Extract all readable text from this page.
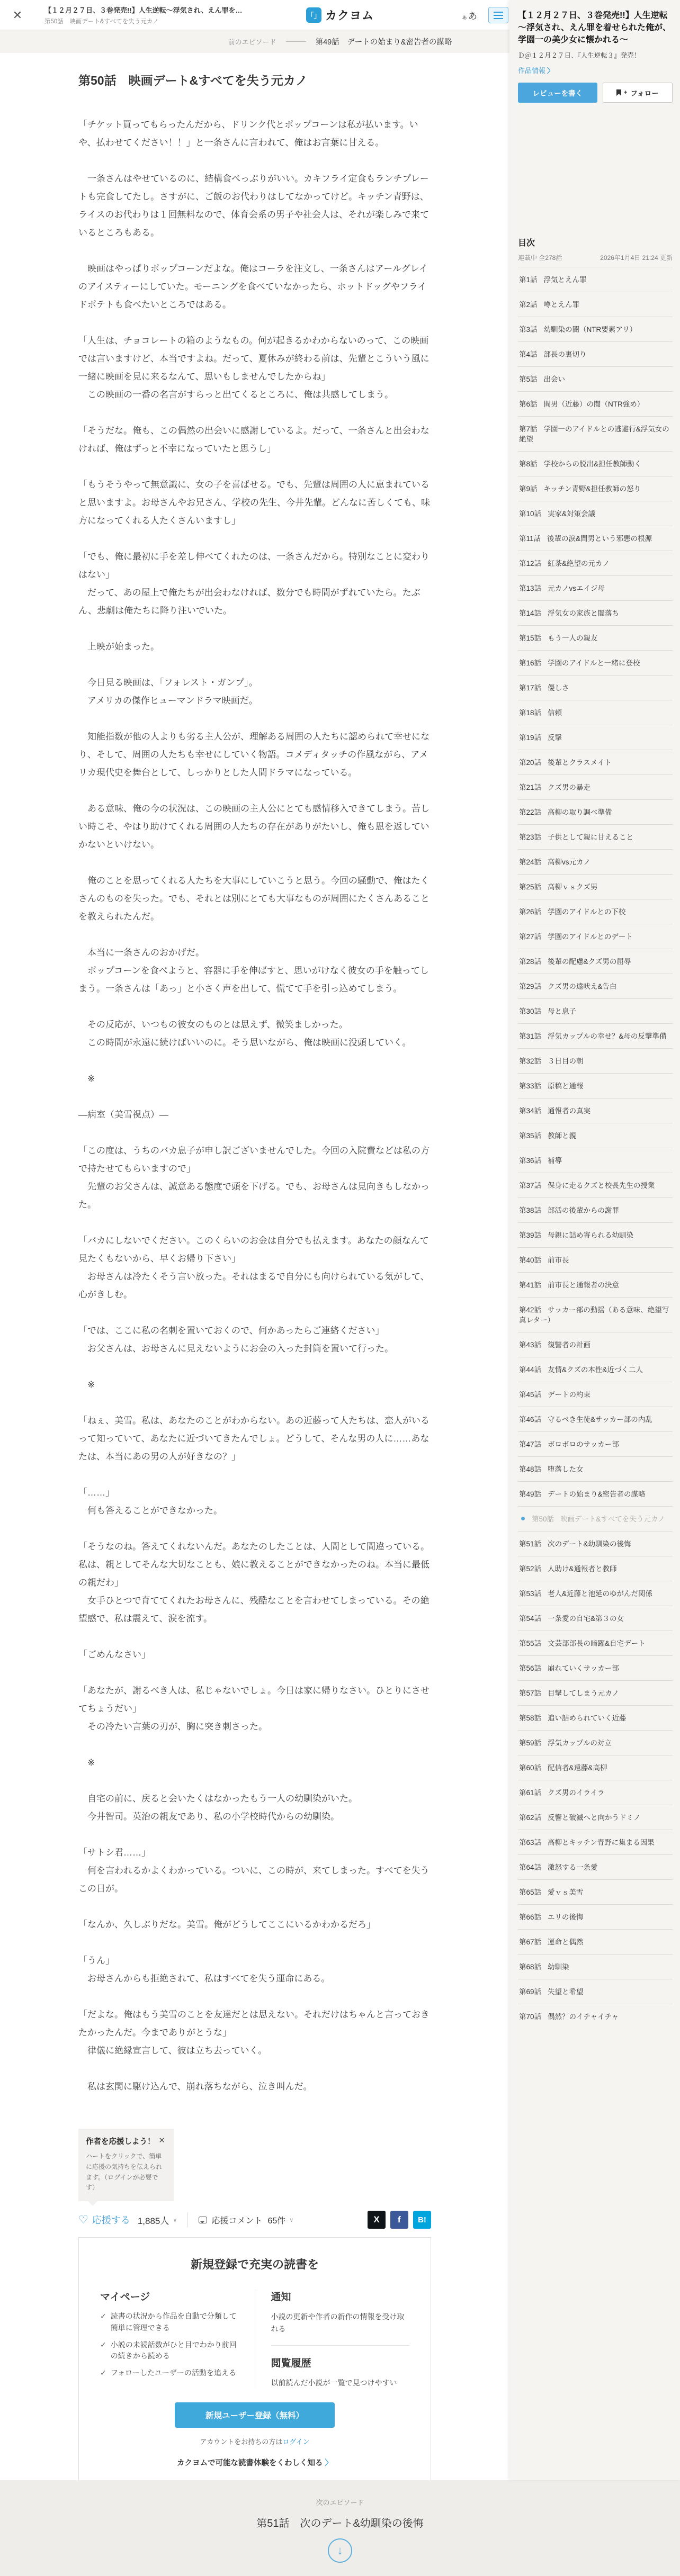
✕	【１２月２７日、３巻発売!!】人生逆転～浮気され、えん罪を…
第50話　映画デート&すべてを失う元カノ
「」 カクヨム	ぁあ
前のエピソード	第49話　デートの始まり&密告者の謀略
第50話　映画デート&すべてを失う元カノ

「チケット買ってもらったんだから、ドリンク代とポップコーンは私が払います。いや、払わせてください！！」と一条さんに言われて、俺はお言葉に甘える。

　一条さんはやせているのに、結構食べっぷりがいい。カキフライ定食もランチプレートも完食してたし。さすがに、ご飯のお代わりはしてなかってけど。キッチン青野は、ライスのお代わりは１回無料なので、体育会系の男子や社会人は、それが楽しみで来ているところもある。

　映画はやっぱりポップコーンだよな。俺はコーラを注文し、一条さんはアールグレイのアイスティーにしていた。モーニングを食べていなかったら、ホットドッグやフライドポテトも食べたいところではある。

「人生は、チョコレートの箱のようなもの。何が起きるかわからないのって、この映画では言いますけど、本当ですよね。だって、夏休みが終わる前は、先輩とこういう風に一緒に映画を見に来るなんて、思いもしませんでしたからね」

　この映画の一番の名言がすらっと出てくるところに、俺は共感してしまう。

「そうだな。俺も、この偶然の出会いに感謝しているよ。だって、一条さんと出会わなければ、俺はずっと不幸になっていたと思うし」

「もうそうやって無意識に、女の子を喜ばせる。でも、先輩は周囲の人に恵まれていると思いますよ。お母さんやお兄さん、学校の先生、今井先輩。どんなに苦しくても、味方になってくれる人たくさんいますし」

「でも、俺に最初に手を差し伸べてくれたのは、一条さんだから。特別なことに変わりはない」

　だって、あの屋上で俺たちが出会わなければ、数分でも時間がずれていたら。たぶん、悲劇は俺たちに降り注いでいた。

　上映が始まった。

　今日見る映画は、「フォレスト・ガンプ」。

　アメリカの傑作ヒューマンドラマ映画だ。

　知能指数が他の人よりも劣る主人公が、理解ある周囲の人たちに認められて幸せになり、そして、周囲の人たちも幸せにしていく物語。コメディタッチの作風ながら、アメリカ現代史を舞台として、しっかりとした人間ドラマになっている。

　ある意味、俺の今の状況は、この映画の主人公にとても感情移入できてしまう。苦しい時こそ、やはり助けてくれる周囲の人たちの存在がありがたいし、俺も恩を返していかないといけない。

　俺のことを思ってくれる人たちを大事にしていこうと思う。今回の騒動で、俺はたくさんのものを失った。でも、それとは別にとても大事なものが周囲にたくさんあることを教えられたんだ。

　本当に一条さんのおかげだ。

　ポップコーンを食べようと、容器に手を伸ばすと、思いがけなく彼女の手を触ってしまう。一条さんは「あっ」と小さく声を出して、慌てて手を引っ込めてしまう。

　その反応が、いつもの彼女のものとは思えず、微笑ましかった。

　この時間が永遠に続けばいいのに。そう思いながら、俺は映画に没頭していく。

　※

―病室（美雪視点）―

「この度は、うちのバカ息子が申し訳ございませんでした。今回の入院費などは私の方で持たせてもらいますので」

　先輩のお父さんは、誠意ある態度で頭を下げる。でも、お母さんは見向きもしなかった。

「バカにしないでください。このくらいのお金は自分でも払えます。あなたの顔なんて見たくもないから、早くお帰り下さい」

　お母さんは冷たくそう言い放った。それはまるで自分にも向けられている気がして、心がきしむ。

「では、ここに私の名刺を置いておくので、何かあったらご連絡ください」

　お父さんは、お母さんに見えないようにお金の入った封筒を置いて行った。

　※

「ねぇ、美雪。私は、あなたのことがわからない。あの近藤って人たちは、恋人がいるって知っていて、あなたに近づいてきたんでしょ。どうして、そんな男の人に……あなたは、本当にあの男の人が好きなの？」

「……」

　何も答えることができなかった。

「そうなのね。答えてくれないんだ。あなたのしたことは、人間として間違っている。私は、親としてそんな大切なことも、娘に教えることができなかったのね。本当に最低の親だわ」

　女手ひとつで育ててくれたお母さんに、残酷なことを言わせてしまっている。その絶望感で、私は震えて、涙を流す。

「ごめんなさい」

「あなたが、謝るべき人は、私じゃないでしょ。今日は家に帰りなさい。ひとりにさせてちょうだい」

　その冷たい言葉の刃が、胸に突き刺さった。

　※

　自宅の前に、戻ると会いたくはなかったもう一人の幼馴染がいた。

　今井智司。英治の親友であり、私の小学校時代からの幼馴染。

「サトシ君……」

　何を言われるかよくわかっている。ついに、この時が、来てしまった。すべてを失うこの日が。

「なんか、久しぶりだな。美雪。俺がどうしてここにいるかわかるだろ」

「うん」

　お母さんからも拒絶されて、私はすべてを失う運命にある。

「だよな。俺はもう美雪のことを友達だとは思えない。それだけはちゃんと言っておきたかったんだ。今までありがとうな」

　律儀に絶縁宣言して、彼は立ち去っていく。

　私は玄関に駆け込んで、崩れ落ちながら、泣き叫んだ。

作者を応援しよう！ ✕
ハートをクリックで、簡単に応援の気持ちを伝えられます。（ログインが必要です）
♡ 応援する 1,885人 ∨	応援コメント 65件 ∨	X	f	B!
新規登録で充実の読書を
マイページ
✓ 読書の状況から作品を自動で分類して簡単に管理できる
✓ 小説の未読話数がひと目でわかり前回の続きから読める
✓ フォローしたユーザーの活動を追える
通知
小説の更新や作者の新作の情報を受け取れる
閲覧履歴
以前読んだ小説が一覧で見つけやすい
新規ユーザー登録（無料）
アカウントをお持ちの方はログイン
カクヨムで可能な読書体験をくわしく知る 〉
次のエピソード
第51話　次のデート&幼馴染の後悔
↓
【１２月２７日、３巻発売!!】人生逆転～浮気され、えん罪を着せられた俺が、学園一の美少女に懐かれる～
Ｄ＠１２月２７日、『人生逆転３』発売！
作品情報 〉
レビューを書く	+ フォロー
目次
連載中 全278話	2026年1月4日 21:24 更新
第1話 浮気とえん罪
第2話 噂とえん罪
第3話 幼馴染の闇（NTR要素アリ）
第4話 部長の裏切り
第5話 出会い
第6話 間男（近藤）の闇（NTR強め）
第7話 学園一のアイドルとの逃避行&浮気女の絶望
第8話 学校からの脱出&担任教師動く
第9話 キッチン青野&担任教師の怒り
第10話 実家&対策会議
第11話 後輩の涙&間男という邪悪の根源
第12話 紅茶&絶望の元カノ
第13話 元カノvsエイジ母
第14話 浮気女の家族と闇落ち
第15話 もう一人の親友
第16話 学園のアイドルと一緒に登校
第17話 優しさ
第18話 信頼
第19話 反撃
第20話 後輩とクラスメイト
第21話 クズ男の暴走
第22話 高柳の取り調べ準備
第23話 子供として親に甘えること
第24話 高柳vs元カノ
第25話 高柳ｖｓクズ男
第26話 学園のアイドルとの下校
第27話 学園のアイドルとのデート
第28話 後輩の配慮&クズ男の屈辱
第29話 クズ男の遠吠え&告白
第30話 母と息子
第31話 浮気カップルの幸せ？&母の反撃準備
第32話 ３日目の朝
第33話 原稿と通報
第34話 通報者の真実
第35話 教師と親
第36話 補導
第37話 保身に走るクズと校長先生の授業
第38話 部活の後輩からの謝罪
第39話 母親に詰め寄られる幼馴染
第40話 前市長
第41話 前市長と通報者の決意
第42話 サッカー部の動揺（ある意味、絶望写真レター）
第43話 復讐者の計画
第44話 友情&クズの本性&近づく二人
第45話 デートの約束
第46話 守るべき生徒&サッカー部の内乱
第47話 ボロボロのサッカー部
第48話 堕落した女
第49話 デートの始まり&密告者の謀略
第50話 映画デート&すべてを失う元カノ
第51話 次のデート&幼馴染の後悔
第52話 人助け&通報者と教師
第53話 老人&近藤と池延のゆがんだ関係
第54話 一条愛の自宅&第３の女
第55話 文芸部部長の暗躍&自宅デート
第56話 崩れていくサッカー部
第57話 目撃してしまう元カノ
第58話 追い詰められていく近藤
第59話 浮気カップルの対立
第60話 配信者&遠藤&高柳
第61話 クズ男のイライラ
第62話 反響と破滅へと向かうドミノ
第63話 高柳とキッチン青野に集まる因果
第64話 激怒する一条愛
第65話 愛ｖｓ美雪
第66話 エリの後悔
第67話 運命と偶然
第68話 幼馴染
第69話 失望と希望
第70話 偶然？のイチャイチャ
